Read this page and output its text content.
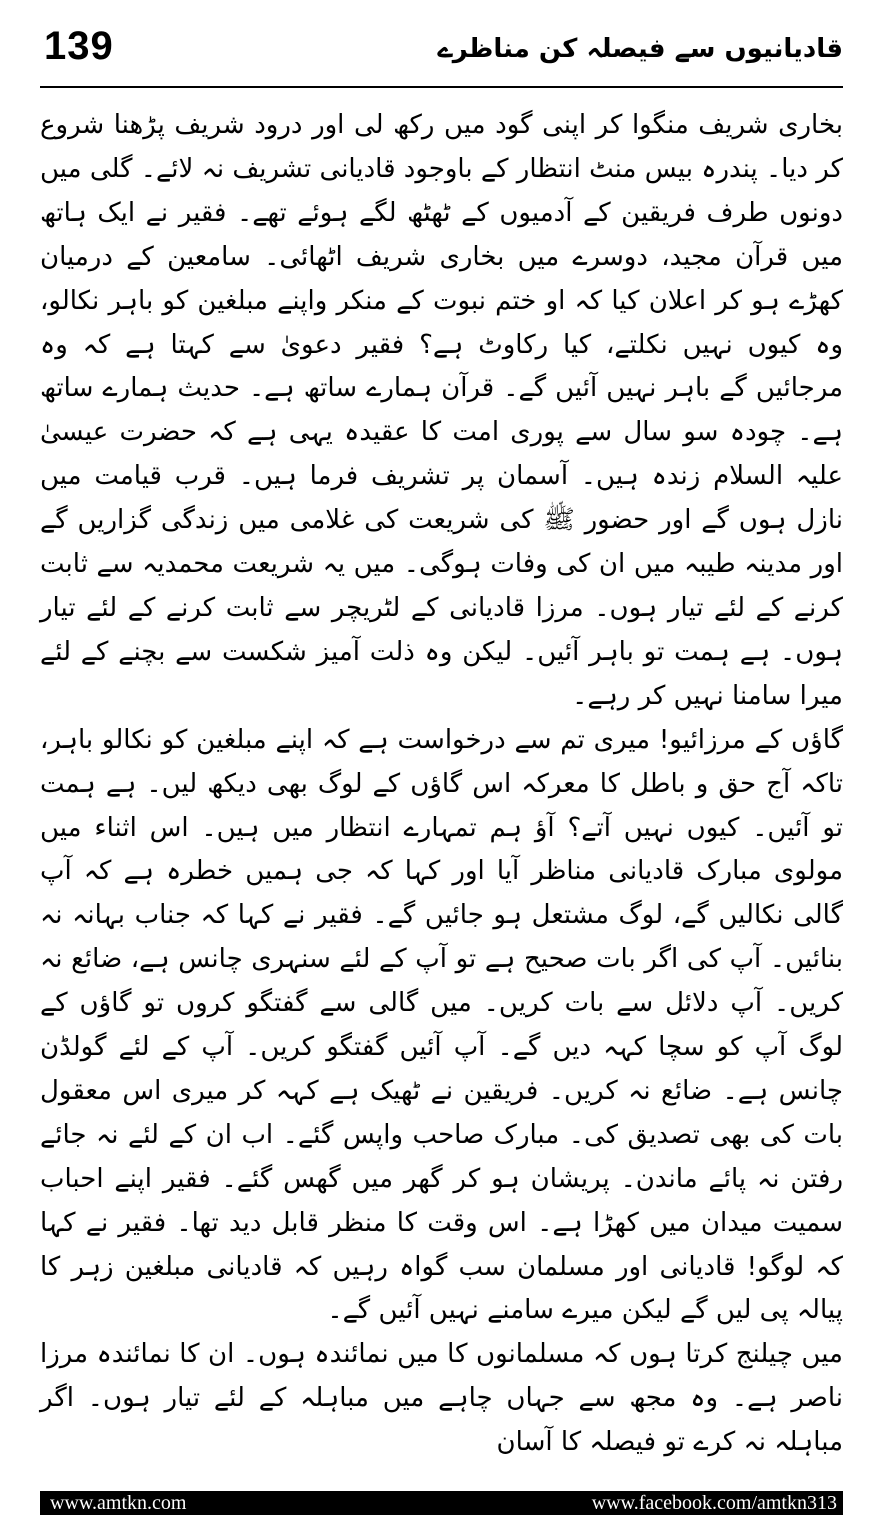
139	قادیانیوں سے فیصلہ کن مناظرے

بخاری شریف منگوا کر اپنی گود میں رکھ لی اور درود شریف پڑھنا شروع کر دیا۔ پندرہ بیس منٹ انتظار کے باوجود قادیانی تشریف نہ لائے۔ گلی میں دونوں طرف فریقین کے آدمیوں کے ٹھٹھ لگے ہوئے تھے۔ فقیر نے ایک ہاتھ میں قرآن مجید، دوسرے میں بخاری شریف اٹھائی۔ سامعین کے درمیان کھڑے ہو کر اعلان کیا کہ او ختم نبوت کے منکر واپنے مبلغین کو باہر نکالو، وہ کیوں نہیں نکلتے، کیا رکاوٹ ہے؟ فقیر دعویٰ سے کہتا ہے کہ وہ مرجائیں گے باہر نہیں آئیں گے۔ قرآن ہمارے ساتھ ہے۔ حدیث ہمارے ساتھ ہے۔ چودہ سو سال سے پوری امت کا عقیدہ یہی ہے کہ حضرت عیسیٰ علیہ السلام زندہ ہیں۔ آسمان پر تشریف فرما ہیں۔ قرب قیامت میں نازل ہوں گے اور حضور ﷺ کی شریعت کی غلامی میں زندگی گزاریں گے اور مدینہ طیبہ میں ان کی وفات ہوگی۔ میں یہ شریعت محمدیہ سے ثابت کرنے کے لئے تیار ہوں۔ مرزا قادیانی کے لٹریچر سے ثابت کرنے کے لئے تیار ہوں۔ ہے ہمت تو باہر آئیں۔ لیکن وہ ذلت آمیز شکست سے بچنے کے لئے میرا سامنا نہیں کر رہے۔

گاؤں کے مرزائیو! میری تم سے درخواست ہے کہ اپنے مبلغین کو نکالو باہر، تاکہ آج حق و باطل کا معرکہ اس گاؤں کے لوگ بھی دیکھ لیں۔ ہے ہمت تو آئیں۔ کیوں نہیں آتے؟ آؤ ہم تمہارے انتظار میں ہیں۔ اس اثناء میں مولوی مبارک قادیانی مناظر آیا اور کہا کہ جی ہمیں خطرہ ہے کہ آپ گالی نکالیں گے، لوگ مشتعل ہو جائیں گے۔ فقیر نے کہا کہ جناب بہانہ نہ بنائیں۔ آپ کی اگر بات صحیح ہے تو آپ کے لئے سنہری چانس ہے، ضائع نہ کریں۔ آپ دلائل سے بات کریں۔ میں گالی سے گفتگو کروں تو گاؤں کے لوگ آپ کو سچا کہہ دیں گے۔ آپ آئیں گفتگو کریں۔ آپ کے لئے گولڈن چانس ہے۔ ضائع نہ کریں۔ فریقین نے ٹھیک ہے کہہ کر میری اس معقول بات کی بھی تصدیق کی۔ مبارک صاحب واپس گئے۔ اب ان کے لئے نہ جائے رفتن نہ پائے ماندن۔ پریشان ہو کر گھر میں گھس گئے۔ فقیر اپنے احباب سمیت میدان میں کھڑا ہے۔ اس وقت کا منظر قابل دید تھا۔ فقیر نے کہا کہ لوگو! قادیانی اور مسلمان سب گواہ رہیں کہ قادیانی مبلغین زہر کا پیالہ پی لیں گے لیکن میرے سامنے نہیں آئیں گے۔

میں چیلنج کرتا ہوں کہ مسلمانوں کا میں نمائندہ ہوں۔ ان کا نمائندہ مرزا ناصر ہے۔ وہ مجھ سے جہاں چاہے میں مباہلہ کے لئے تیار ہوں۔ اگر مباہلہ نہ کرے تو فیصلہ کا آسان

www.amtkn.com	www.facebook.com/amtkn313
